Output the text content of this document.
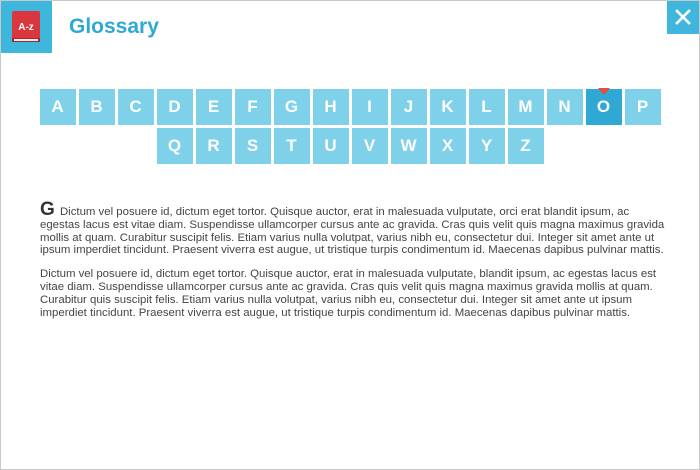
A-z Glossary
A	B	C	D	E	F	G	H	I	J	K	L	M	N	O	P
Q	R	S	T	U	V	W	X	Y	Z

G Dictum vel posuere id, dictum eget tortor. Quisque auctor, erat in malesuada vulputate, orci erat blandit ipsum, ac egestas lacus est vitae diam. Suspendisse ullamcorper cursus ante ac gravida. Cras quis velit quis magna maximus gravida mollis at quam. Curabitur suscipit felis. Etiam varius nulla volutpat, varius nibh eu, consectetur dui. Integer sit amet ante ut ipsum imperdiet tincidunt. Praesent viverra est augue, ut tristique turpis condimentum id. Maecenas dapibus pulvinar mattis.

Dictum vel posuere id, dictum eget tortor. Quisque auctor, erat in malesuada vulputate, blandit ipsum, ac egestas lacus est vitae diam. Suspendisse ullamcorper cursus ante ac gravida. Cras quis velit quis magna maximus gravida mollis at quam. Curabitur quis suscipit felis. Etiam varius nulla volutpat, varius nibh eu, consectetur dui. Integer sit amet ante ut ipsum imperdiet tincidunt. Praesent viverra est augue, ut tristique turpis condimentum id. Maecenas dapibus pulvinar mattis.
